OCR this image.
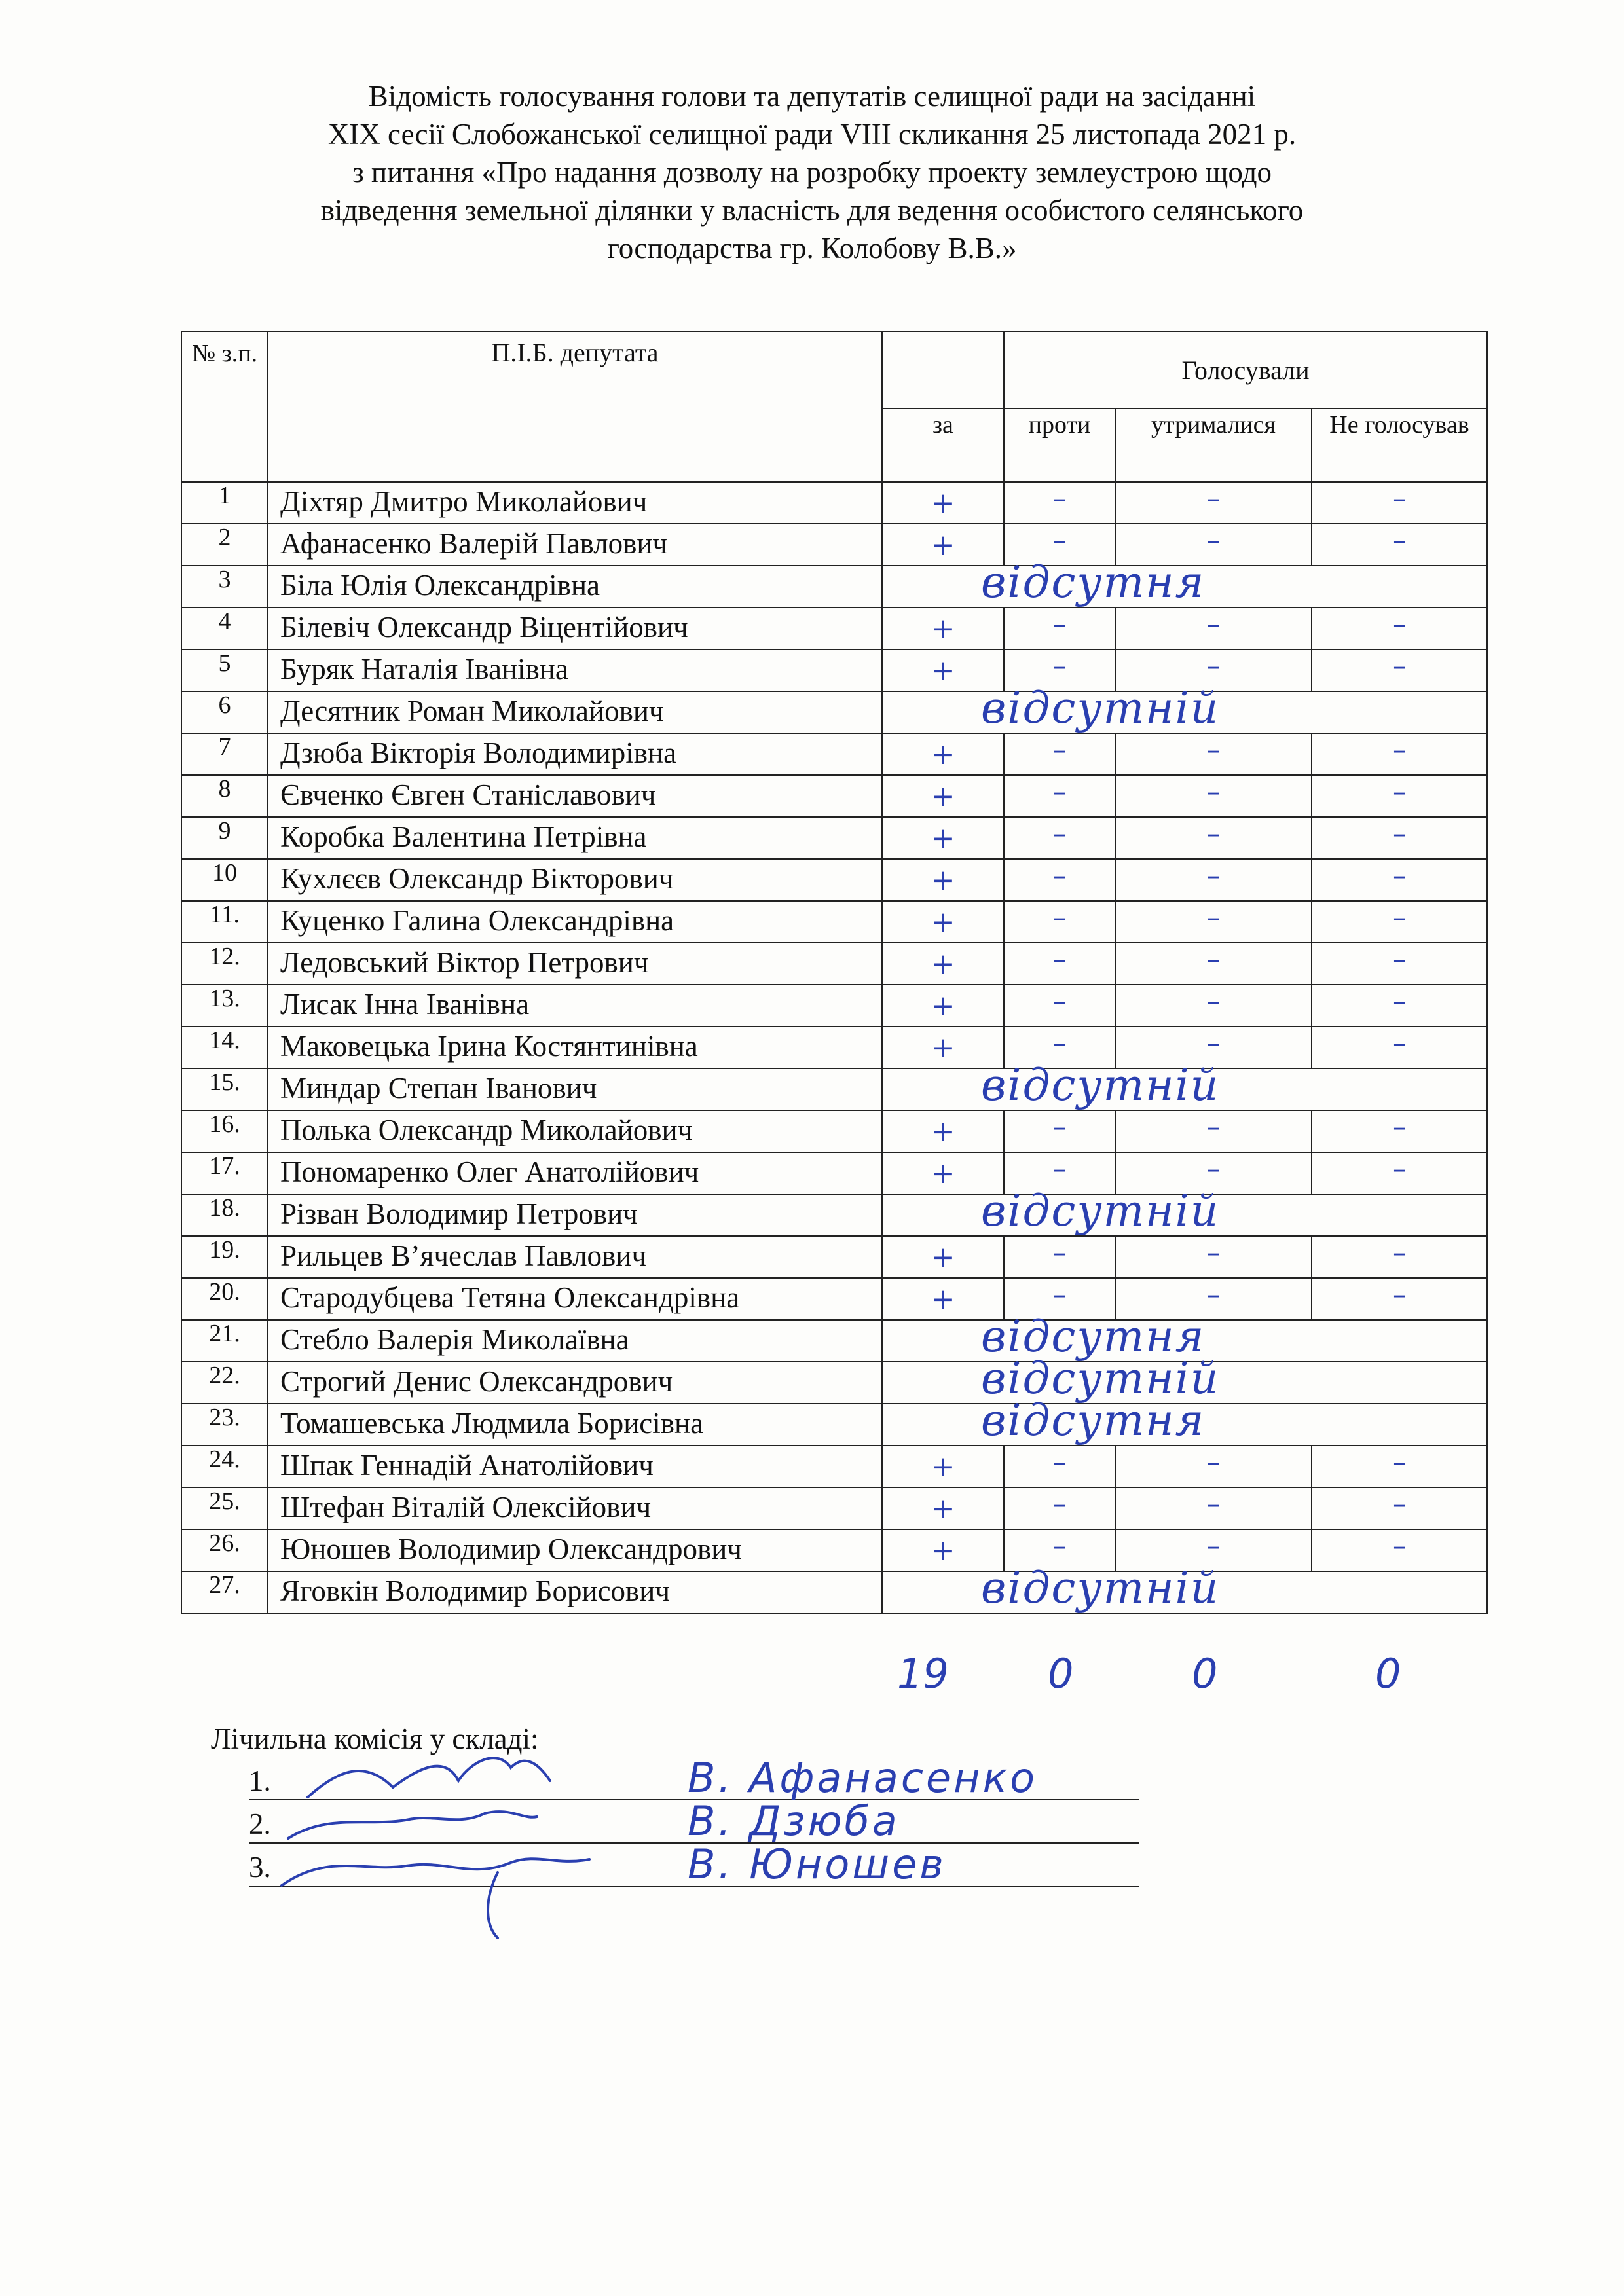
Відомість голосування голови та депутатів селищної ради на засіданні
XIX сесії Слобожанської селищної ради VIII скликання 25 листопада 2021 р.
з питання «Про надання дозволу на розробку проекту землеустрою щодо
відведення земельної ділянки у власність для ведення особистого селянського
господарства гр. Колобову В.В.»
№ з.п.	П.І.Б. депутата		Голосували		
		за	проти	утрималися	Не голосував
1	Діхтяр Дмитро Миколайович	+	–	–	–

2	Афанасенко Валерій Павлович	+	–	–	–

3	Біла Юлія Олександрівна	відсутня			

4	Білевіч Олександр Віцентійович	+	–	–	–

5	Буряк Наталія Іванівна	+	–	–	–

6	Десятник Роман Миколайович	відсутній			

7	Дзюба Вікторія Володимирівна	+	–	–	–

8	Євченко Євген Станіславович	+	–	–	–

9	Коробка Валентина Петрівна	+	–	–	–

10	Кухлєєв Олександр Вікторович	+	–	–	–

11.	Куценко Галина Олександрівна	+	–	–	–

12.	Ледовський Віктор Петрович	+	–	–	–

13.	Лисак Інна Іванівна	+	–	–	–

14.	Маковецька Ірина Костянтинівна	+	–	–	–

15.	Миндар Степан Іванович	відсутній			

16.	Полька Олександр Миколайович	+	–	–	–

17.	Пономаренко Олег Анатолійович	+	–	–	–

18.	Різван Володимир Петрович	відсутній			

19.	Рильцев В’ячеслав Павлович	+	–	–	–

20.	Стародубцева Тетяна Олександрівна	+	–	–	–

21.	Стебло Валерія Миколаївна	відсутня			

22.	Строгий Денис Олександрович	відсутній			

23.	Томашевська Людмила Борисівна	відсутня			

24.	Шпак Геннадій Анатолійович	+	–	–	–

25.	Штефан Віталій Олексійович	+	–	–	–

26.	Юношев Володимир Олександрович	+	–	–	–

27.	Яговкін Володимир Борисович	відсутній			
19 0	0	0
Лічильна комісія у складі:
1.	В. Афанасенко
2.	В. Дзюба
3.	В. Юношев
